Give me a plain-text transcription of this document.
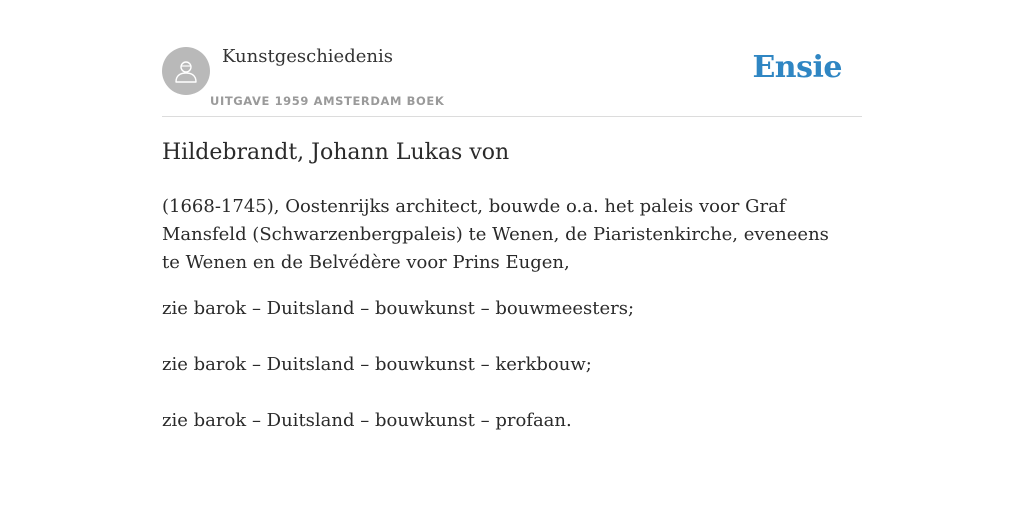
Kunstgeschiedenis
UITGAVE 1959 AMSTERDAM BOEK
Ensie
Hildebrandt, Johann Lukas von

(1668-1745), Oostenrijks architect, bouwde o.a. het paleis voor Graf Mansfeld (Schwarzenbergpaleis) te Wenen, de Piaristenkirche, eveneens te Wenen en de Belvédère voor Prins Eugen,

zie barok – Duitsland – bouwkunst – bouwmeesters;

zie barok – Duitsland – bouwkunst – kerkbouw;

zie barok – Duitsland – bouwkunst – profaan.
